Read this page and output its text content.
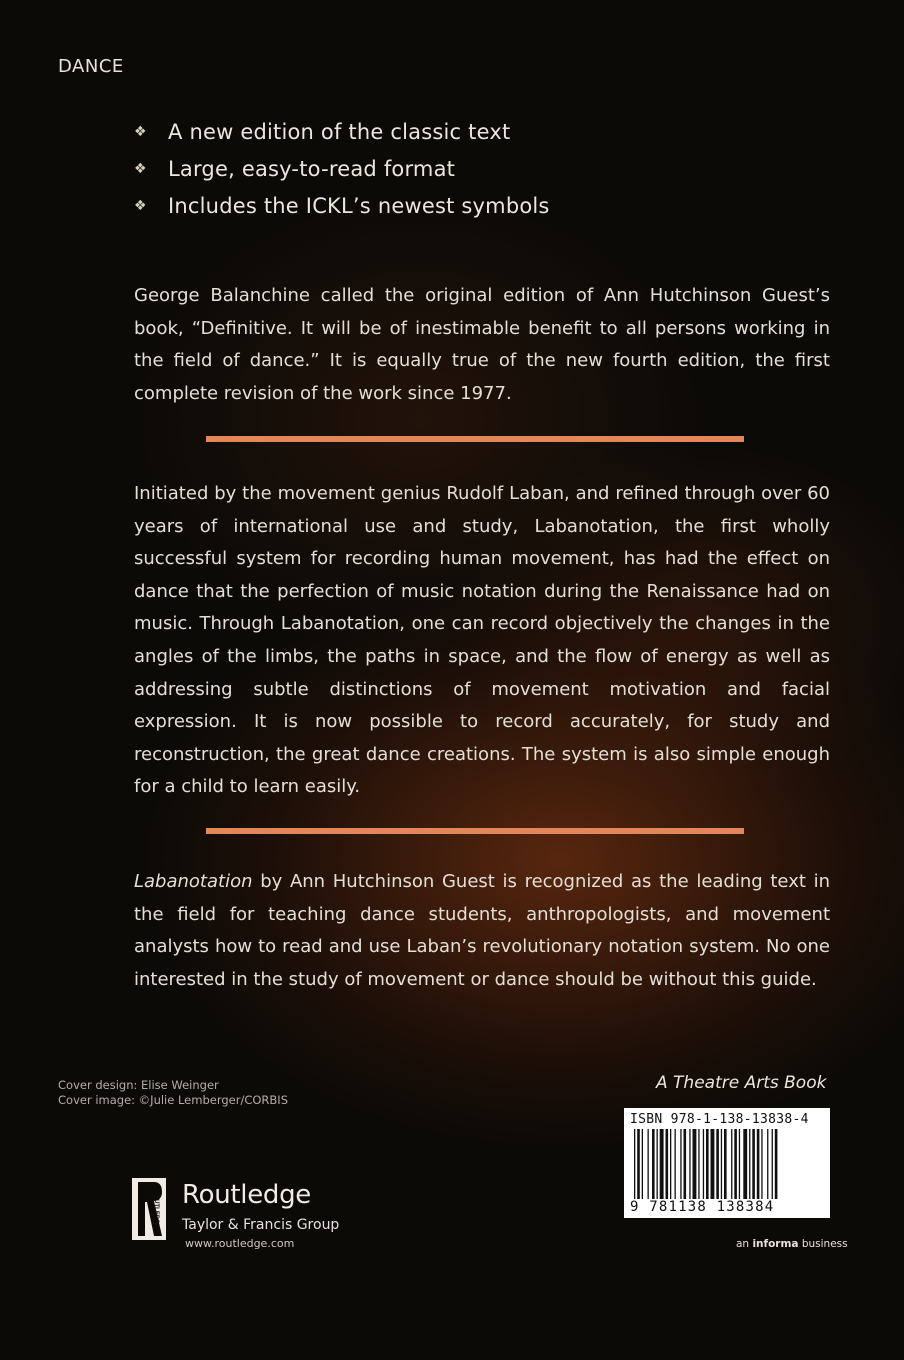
DANCE
❖	A new edition of the classic text
❖	Large, easy-to-read format
❖	Includes the ICKL’s newest symbols

George Balanchine called the original edition of Ann Hutchinson Guest’s book, “Definitive. It will be of inestimable benefit to all persons working in the field of dance.” It is equally true of the new fourth edition, the first complete revision of the work since 1977.

Initiated by the movement genius Rudolf Laban, and refined through over 60 years of international use and study, Labanotation, the first wholly successful system for recording human movement, has had the effect on dance that the perfection of music notation during the Renaissance had on music. Through Labanotation, one can record objectively the changes in the angles of the limbs, the paths in space, and the flow of energy as well as addressing subtle distinctions of movement motivation and facial expression. It is now possible to record accurately, for study and reconstruction, the great dance creations. The system is also simple enough for a child to learn easily.

Labanotation by Ann Hutchinson Guest is recognized as the leading text in the field for teaching dance students, anthropologists, and movement analysts how to read and use Laban’s revolutionary notation system. No one interested in the study of movement or dance should be without this guide.

Cover design: Elise Weinger
Cover image: ©Julie Lemberger/CORBIS
A Theatre Arts Book
ISBN 978-1-138-13838-4
9 781138 138384
an informa business
ROUTLEDGE Routledge
Taylor & Francis Group
www.routledge.com
